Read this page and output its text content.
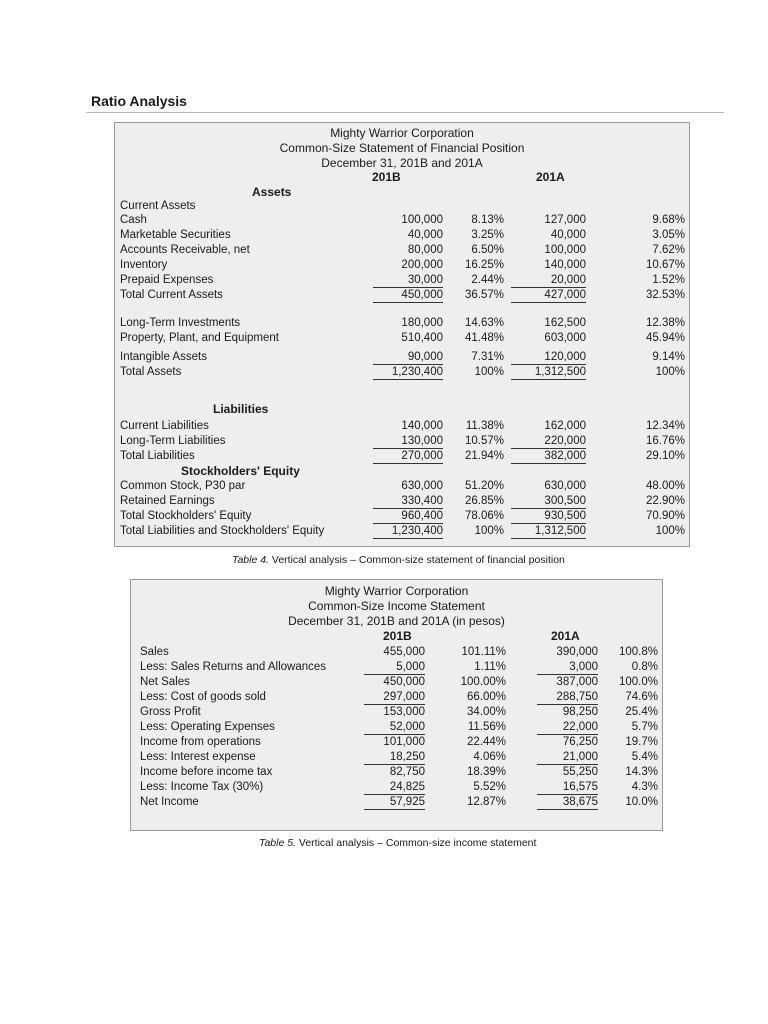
Ratio Analysis
Mighty Warrior Corporation
Common-Size Statement of Financial Position
December 31, 201B and 201A
201B	201A
Assets
Current Assets
Liabilities
Stockholders' Equity
Cash	100,000	8.13%	127,000	9.68%
Marketable Securities	40,000	3.25%	40,000	3.05%
Accounts Receivable, net	80,000	6.50%	100,000	7.62%
Inventory	200,000	16.25%	140,000	10.67%
Prepaid Expenses	30,000	2.44%	20,000	1.52%
Total Current Assets	450,000	36.57%	427,000	32.53%
Long-Term Investments	180,000	14.63%	162,500	12.38%
Property, Plant, and Equipment	510,400	41.48%	603,000	45.94%
Intangible Assets	90,000	7.31%	120,000	9.14%
Total Assets	1,230,400	100%	1,312,500	100%
Current Liabilities	140,000	11.38%	162,000	12.34%
Long-Term Liabilities	130,000	10.57%	220,000	16.76%
Total Liabilities	270,000	21.94%	382,000	29.10%
Common Stock, P30 par	630,000	51.20%	630,000	48.00%
Retained Earnings	330,400	26.85%	300,500	22.90%
Total Stockholders' Equity	960,400	78.06%	930,500	70.90%
Total Liabilities and Stockholders' Equity	1,230,400	100%	1,312,500	100%
Table 4. Vertical analysis – Common-size statement of financial position
Mighty Warrior Corporation
Common-Size Income Statement
December 31, 201B and 201A (in pesos)
201B	201A
Sales	455,000	101.11%	390,000	100.8%
Less: Sales Returns and Allowances	5,000	1.11%	3,000	0.8%
Net Sales	450,000	100.00%	387,000	100.0%
Less: Cost of goods sold	297,000	66.00%	288,750	74.6%
Gross Profit	153,000	34.00%	98,250	25.4%
Less: Operating Expenses	52,000	11.56%	22,000	5.7%
Income from operations	101,000	22.44%	76,250	19.7%
Less: Interest expense	18,250	4.06%	21,000	5.4%
Income before income tax	82,750	18.39%	55,250	14.3%
Less: Income Tax (30%)	24,825	5.52%	16,575	4.3%
Net Income	57,925	12.87%	38,675	10.0%
Table 5. Vertical analysis – Common-size income statement
